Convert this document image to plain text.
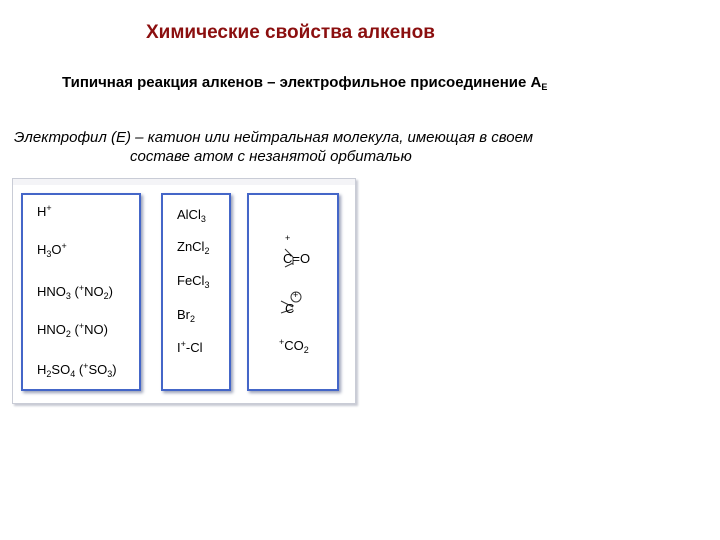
Химические свойства алкенов
Типичная реакция алкенов – электрофильное присоединение $A_E$
Электрофил (Е) – катион или нейтральная молекула, имеющая в своем
составе атом с незанятой орбиталью
H+
$H_3O^+$
$HNO_3$ $(^+NO_2)$
$HNO_2$ (+NO)
$H_2SO_4$ $(^+SO_3)$
AlCl$_3$
ZnCl$_2$
FeCl$_3$
$Br_2$
I+-Cl
+
C=O
+
C
$^+CO_2$
